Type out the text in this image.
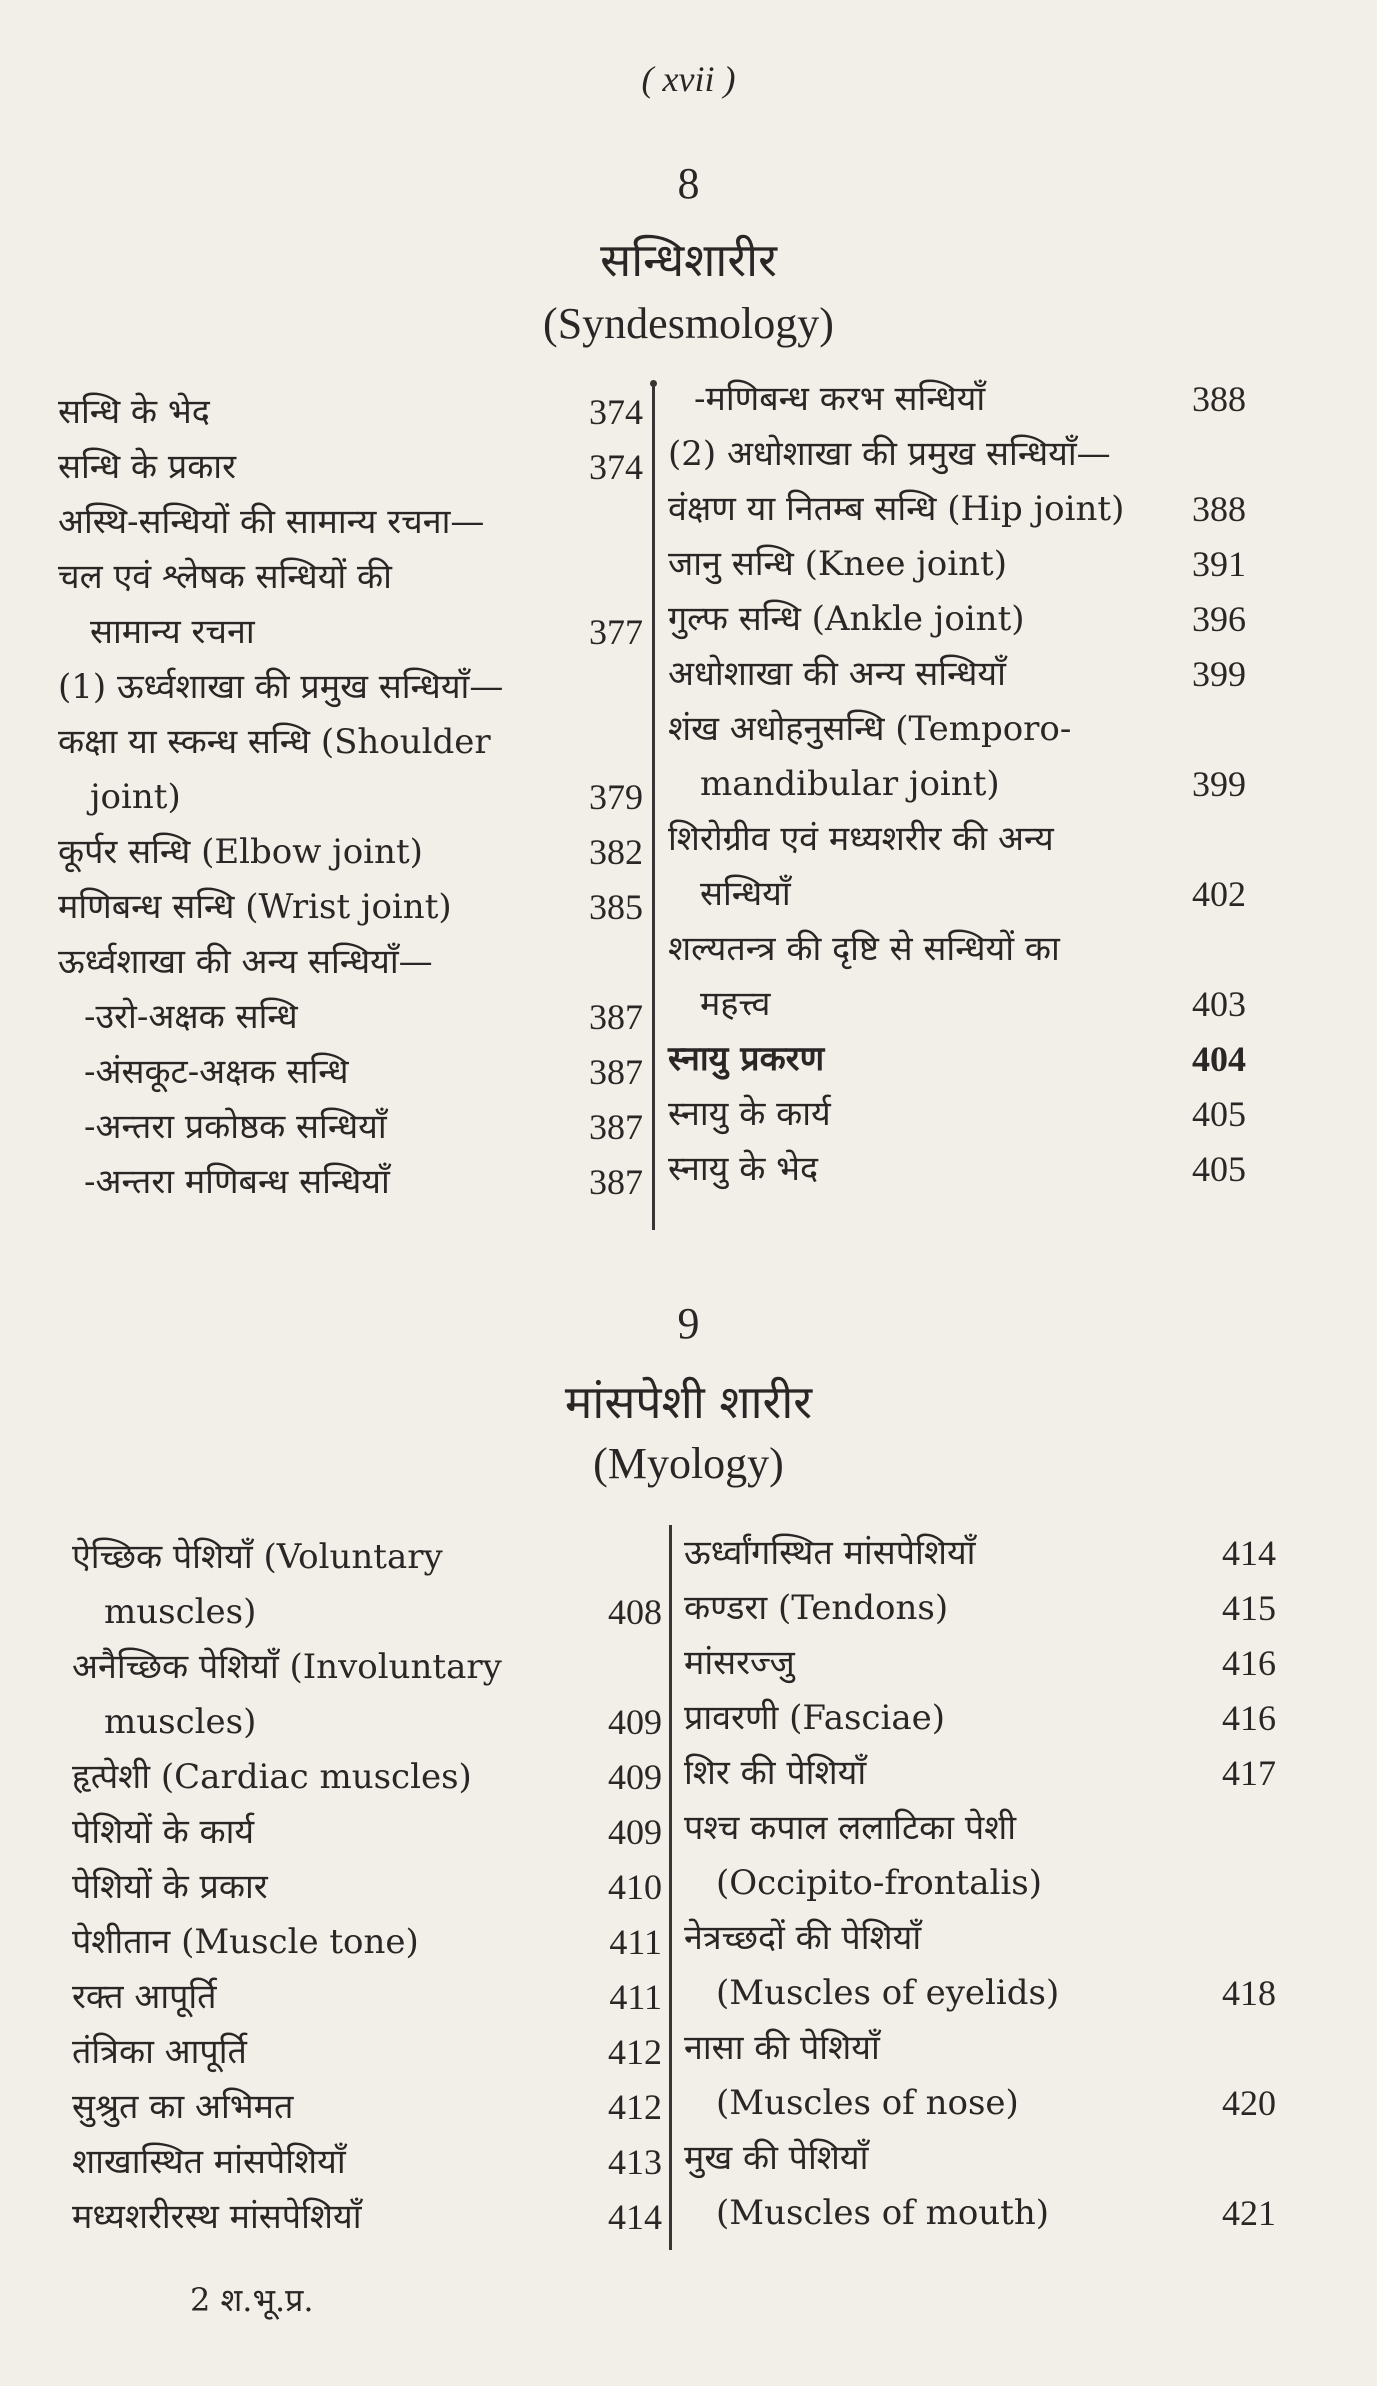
( xvii )
8
सन्धिशारीर
(Syndesmology)
सन्धि के भेद	374
सन्धि के प्रकार	374
अस्थि-सन्धियों की सामान्य रचना—
चल एवं श्लेषक सन्धियों की
सामान्य रचना	377
(1) ऊर्ध्वशाखा की प्रमुख सन्धियाँ—
कक्षा या स्कन्ध सन्धि (Shoulder
joint)	379
कूर्पर सन्धि (Elbow joint)	382
मणिबन्ध सन्धि (Wrist joint)	385
ऊर्ध्वशाखा की अन्य सन्धियाँ—
-उरो-अक्षक सन्धि	387
-अंसकूट-अक्षक सन्धि	387
-अन्तरा प्रकोष्ठक सन्धियाँ	387
-अन्तरा मणिबन्ध सन्धियाँ	387
-मणिबन्ध करभ सन्धियाँ	388
(2) अधोशाखा की प्रमुख सन्धियाँ—
वंक्षण या नितम्ब सन्धि (Hip joint)	388
जानु सन्धि (Knee joint)	391
गुल्फ सन्धि (Ankle joint)	396
अधोशाखा की अन्य सन्धियाँ	399
शंख अधोहनुसन्धि (Temporo-
mandibular joint)	399
शिरोग्रीव एवं मध्यशरीर की अन्य
सन्धियाँ	402
शल्यतन्त्र की दृष्टि से सन्धियों का
महत्त्व	403
स्नायु प्रकरण	404
स्नायु के कार्य	405
स्नायु के भेद	405
9
मांसपेशी शारीर
(Myology)
ऐच्छिक पेशियाँ (Voluntary
muscles)	408
अनैच्छिक पेशियाँ (Involuntary
muscles)	409
हृत्पेशी (Cardiac muscles)	409
पेशियों के कार्य	409
पेशियों के प्रकार	410
पेशीतान (Muscle tone)	411
रक्त आपूर्ति	411
तंत्रिका आपूर्ति	412
सुश्रुत का अभिमत	412
शाखास्थित मांसपेशियाँ	413
मध्यशरीरस्थ मांसपेशियाँ	414
ऊर्ध्वांगस्थित मांसपेशियाँ	414
कण्डरा (Tendons)	415
मांसरज्जु	416
प्रावरणी (Fasciae)	416
शिर की पेशियाँ	417
पश्च कपाल ललाटिका पेशी
(Occipito-frontalis)
नेत्रच्छदों की पेशियाँ
(Muscles of eyelids)	418
नासा की पेशियाँ
(Muscles of nose)	420
मुख की पेशियाँ
(Muscles of mouth)	421
2 श.भू.प्र.
